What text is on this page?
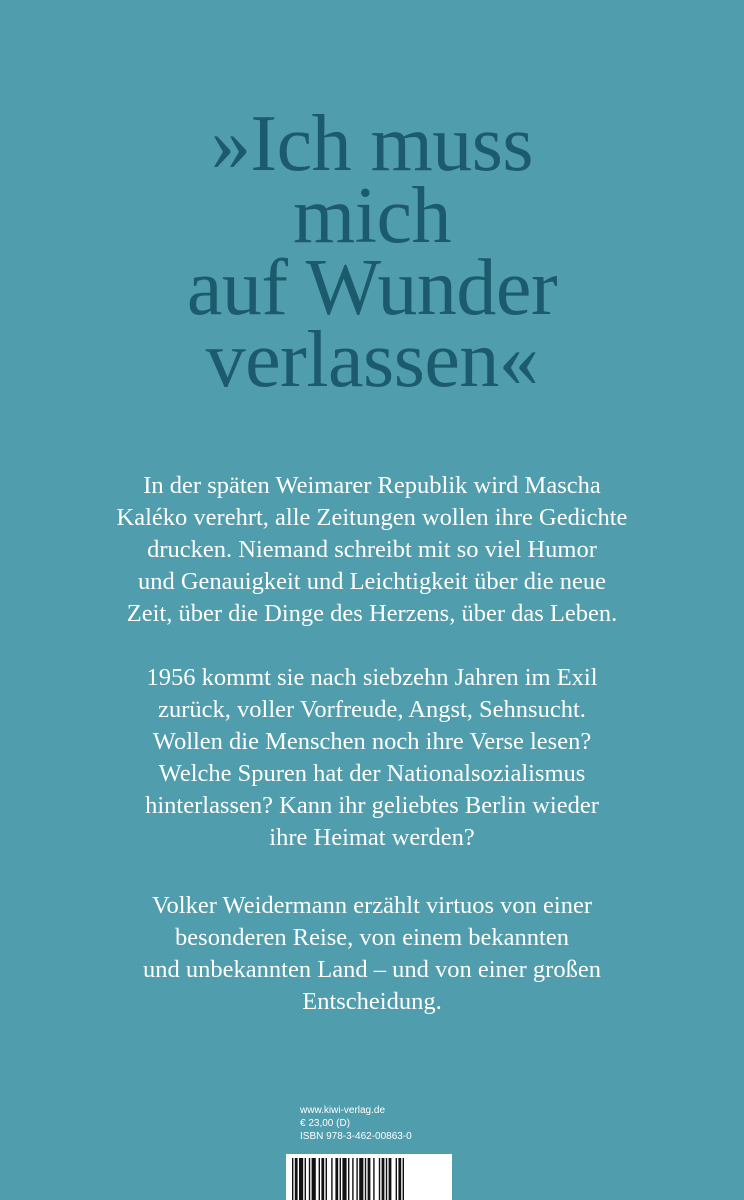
»Ich muss
mich
auf Wunder
verlassen«
In der späten Weimarer Republik wird Mascha
Kaléko verehrt, alle Zeitungen wollen ihre Gedichte
drucken. Niemand schreibt mit so viel Humor
und Genauigkeit und Leichtigkeit über die neue
Zeit, über die Dinge des Herzens, über das Leben.
1956 kommt sie nach siebzehn Jahren im Exil
zurück, voller Vorfreude, Angst, Sehnsucht.
Wollen die Menschen noch ihre Verse lesen?
Welche Spuren hat der Nationalsozialismus
hinterlassen? Kann ihr geliebtes Berlin wieder
ihre Heimat werden?
Volker Weidermann erzählt virtuos von einer
besonderen Reise, von einem bekannten
und unbekannten Land – und von einer großen
Entscheidung.
www.kiwi-verlag.de
€ 23,00 (D)
ISBN 978-3-462-00863-0
